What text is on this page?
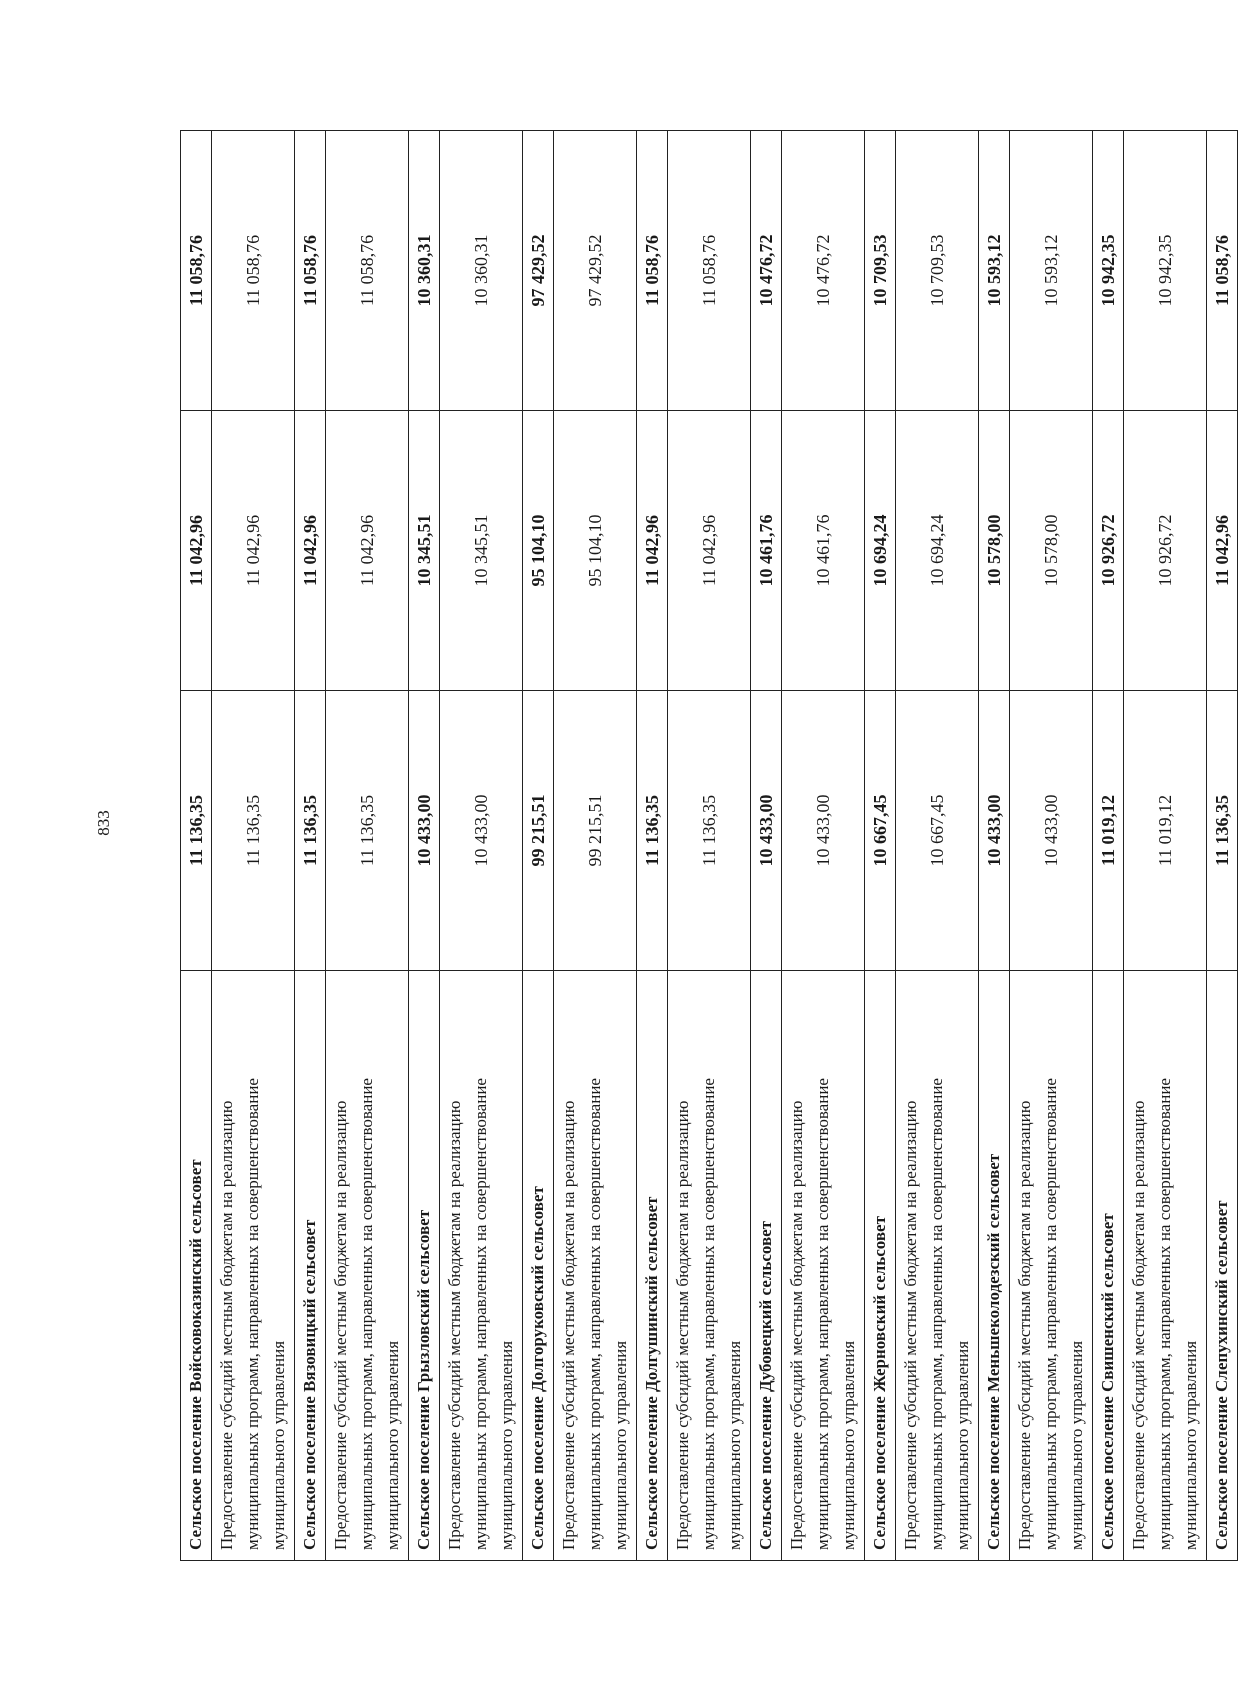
833
Сельское поселение Войсковоказинский сельсовет	11 136,35	11 042,96	11 058,76
Предоставление субсидий местным бюджетам на реализацию муниципальных программ, направленных на совершенствование муниципального управления	11 136,35	11 042,96	11 058,76
Сельское поселение Вязовицкий сельсовет	11 136,35	11 042,96	11 058,76
Предоставление субсидий местным бюджетам на реализацию муниципальных программ, направленных на совершенствование муниципального управления	11 136,35	11 042,96	11 058,76
Сельское поселение Грызловский сельсовет	10 433,00	10 345,51	10 360,31
Предоставление субсидий местным бюджетам на реализацию муниципальных программ, направленных на совершенствование муниципального управления	10 433,00	10 345,51	10 360,31
Сельское поселение Долгоруковский сельсовет	99 215,51	95 104,10	97 429,52
Предоставление субсидий местным бюджетам на реализацию муниципальных программ, направленных на совершенствование муниципального управления	99 215,51	95 104,10	97 429,52
Сельское поселение Долгушинский сельсовет	11 136,35	11 042,96	11 058,76
Предоставление субсидий местным бюджетам на реализацию муниципальных программ, направленных на совершенствование муниципального управления	11 136,35	11 042,96	11 058,76
Сельское поселение Дубовецкий сельсовет	10 433,00	10 461,76	10 476,72
Предоставление субсидий местным бюджетам на реализацию муниципальных программ, направленных на совершенствование муниципального управления	10 433,00	10 461,76	10 476,72
Сельское поселение Жерновский сельсовет	10 667,45	10 694,24	10 709,53
Предоставление субсидий местным бюджетам на реализацию муниципальных программ, направленных на совершенствование муниципального управления	10 667,45	10 694,24	10 709,53
Сельское поселение Меньшеколодезский сельсовет	10 433,00	10 578,00	10 593,12
Предоставление субсидий местным бюджетам на реализацию муниципальных программ, направленных на совершенствование муниципального управления	10 433,00	10 578,00	10 593,12
Сельское поселение Свишенский сельсовет	11 019,12	10 926,72	10 942,35
Предоставление субсидий местным бюджетам на реализацию муниципальных программ, направленных на совершенствование муниципального управления	11 019,12	10 926,72	10 942,35
Сельское поселение Слепухинский сельсовет	11 136,35	11 042,96	11 058,76
